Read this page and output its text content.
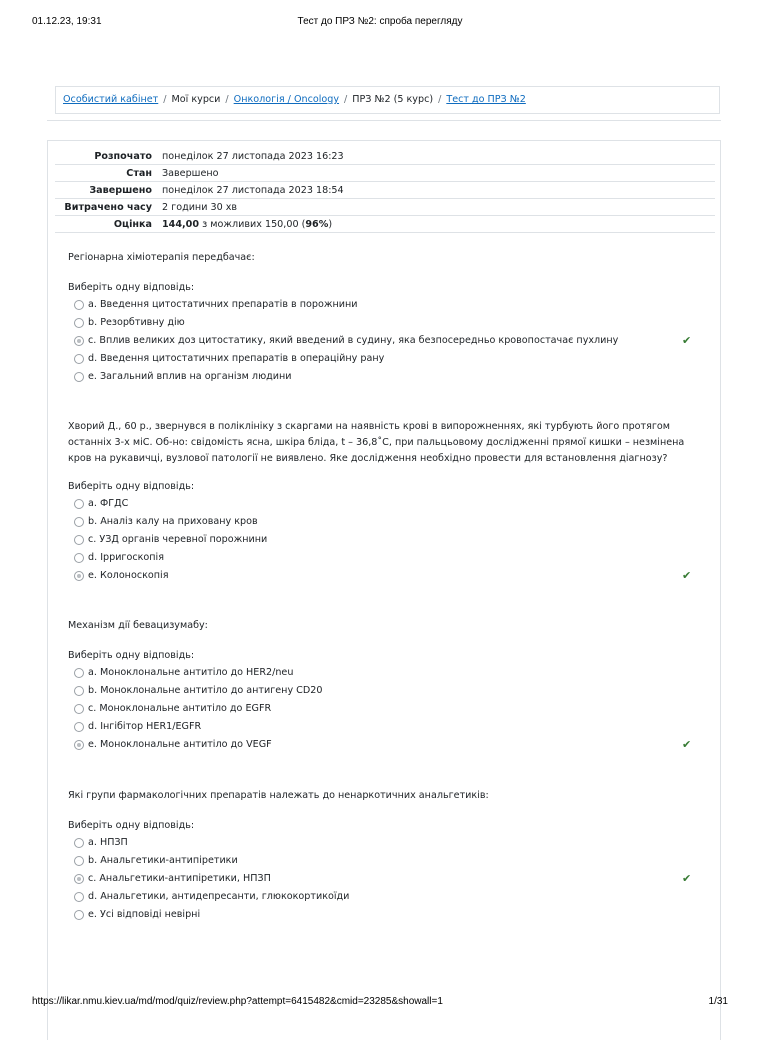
01.12.23, 19:31	Тест до ПРЗ №2: спроба перегляду
Особистий кабінет / Мої курси / Онкологія / Oncology / ПРЗ №2 (5 курс) / Тест до ПРЗ №2
Розпочато	понеділок 27 листопада 2023 16:23
Стан	Завершено
Завершено	понеділок 27 листопада 2023 18:54
Витрачено часу	2 години 30 хв
Оцінка	144,00 з можливих 150,00 (96%)

Регіонарна хіміотерапія передбачає:

Виберіть одну відповідь:

a. Введення цитостатичних препаратів в порожнини
b. Резорбтивну дію
c. Вплив великих доз цитостатику, який введений в судину, яка безпосередньо кровопостачає пухлину	✔
d. Введення цитостатичних препаратів в операційну рану
e. Загальний вплив на організм людини

Хворий Д., 60 р., звернувся в поліклініку з скаргами на наявність крові в випорожненнях, які турбують його протягом останніх 3-х міС. Об-но: свідомість ясна, шкіра бліда, t – 36,8˚С, при пальцьовому дослідженні прямої кишки – незмінена кров на рукавичці, вузлової патології не виявлено. Яке дослідження необхідно провести для встановлення діагнозу?

Виберіть одну відповідь:

a. ФГДС
b. Аналіз калу на приховану кров
c. УЗД органів черевної порожнини
d. Ірригоскопія
e. Колоноскопія	✔

Механізм дії бевацизумабу:

Виберіть одну відповідь:

a. Моноклональне антитіло до HER2/neu
b. Моноклональне антитіло до антигену CD20
c. Моноклональне антитіло до EGFR
d. Інгібітор HER1/EGFR
e. Моноклональне антитіло до VEGF	✔

Які групи фармакологічних препаратів належать до ненаркотичних анальгетиків:

Виберіть одну відповідь:

a. НПЗП
b. Анальгетики-антипіретики
c. Анальгетики-антипіретики, НПЗП	✔
d. Анальгетики, антидепресанти, глюкокортикоїди
e. Усі відповіді невірні
https://likar.nmu.kiev.ua/md/mod/quiz/review.php?attempt=6415482&cmid=23285&showall=1	1/31
